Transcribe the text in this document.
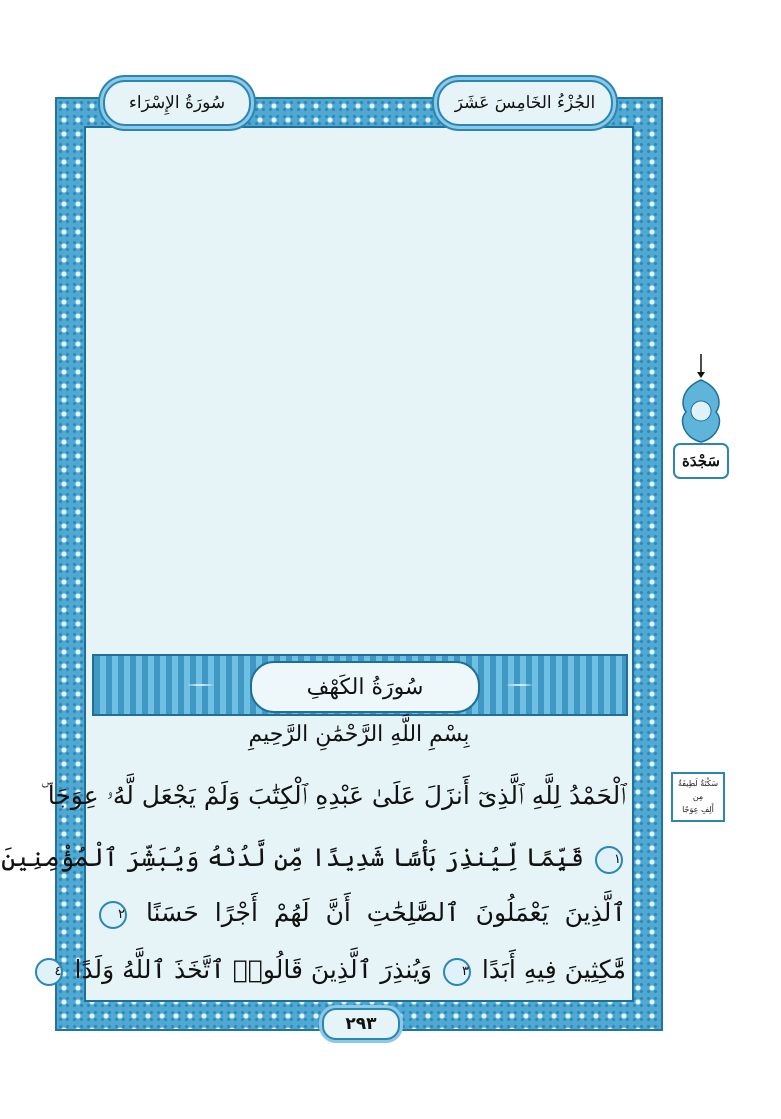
سُورَةُ الإِسْرَاء	الجُزْءُ الخَامِسَ عَشَرَ
سَجْدَة
سُورَةُ الكَهْفِ
بِسْمِ اللَّهِ الرَّحْمَٰنِ الرَّحِيمِ
ٱلْحَمْدُ لِلَّهِ ٱلَّذِىٓ أَنزَلَ عَلَىٰ عَبْدِهِ ٱلْكِتَٰبَ وَلَمْ يَجْعَل لَّهُۥ عِوَجَا ۜ
١ قَيِّمًا لِّيُنذِرَ بَأْسًا شَدِيدًا مِّن لَّدُنْهُ وَيُبَشِّرَ ٱلْمُؤْمِنِينَ
ٱلَّذِينَ يَعْمَلُونَ ٱلصَّٰلِحَٰتِ أَنَّ لَهُمْ أَجْرًا حَسَنًا ٢
مَّٰكِثِينَ فِيهِ أَبَدًا ٣ وَيُنذِرَ ٱلَّذِينَ قَالُوا۟ ٱتَّخَذَ ٱللَّهُ وَلَدًا ٤
سَكْتَةٌ لَطِيفَةٌ
مِن
أَلِفِ عِوَجًا
٢٩٣
